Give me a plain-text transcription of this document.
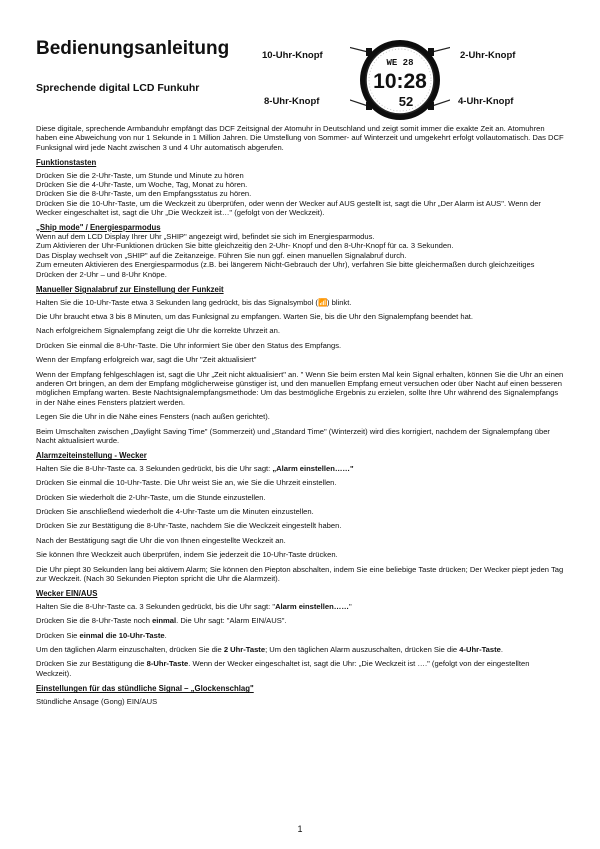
Bedienungsanleitung
Sprechende digital LCD Funkuhr
10-Uhr-Knopf	2-Uhr-Knopf
8-Uhr-Knopf	4-Uhr-Knopf
WE 28
10:28
52

Diese digitale, sprechende Armbanduhr empfängt das DCF Zeitsignal der Atomuhr in Deutschland und zeigt somit immer die exakte Zeit an. Atomuhren haben eine Abweichung von nur 1 Sekunde in 1 Million Jahren. Die Umstellung von Sommer- auf Winterzeit und umgekehrt erfolgt vollautomatisch. Das DCF Funksignal wird jede Nacht zwischen 3 und 4 Uhr automatisch abgerufen.

Funktionstasten

Drücken Sie die 2-Uhr-Taste, um Stunde und Minute zu hören

Drücken Sie die 4-Uhr-Taste, um Woche, Tag, Monat zu hören.

Drücken Sie die 8-Uhr-Taste, um den Empfangsstatus zu hören.

Drücken Sie die 10-Uhr-Taste, um die Weckzeit zu überprüfen, oder wenn der Wecker auf AUS gestellt ist, sagt die Uhr „Der Alarm ist AUS". Wenn der Wecker eingeschaltet ist, sagt die Uhr „Die Weckzeit ist…" (gefolgt von der Weckzeit).

„Ship mode" / Energiesparmodus

Wenn auf dem LCD Display Ihrer Uhr „SHIP" angezeigt wird, befindet sie sich im Energiesparmodus.

Zum Aktivieren der Uhr-Funktionen drücken Sie bitte gleichzeitig den 2-Uhr- Knopf und den 8-Uhr-Knopf für ca. 3 Sekunden.

Das Display wechselt von „SHIP" auf die Zeitanzeige. Führen Sie nun ggf. einen manuellen Signalabruf durch.

Zum erneuten Aktivieren des Energiesparmodus (z.B. bei längerem Nicht-Gebrauch der Uhr), verfahren Sie bitte gleichermaßen durch gleichzeitiges Drücken der 2-Uhr – und 8-Uhr Knöpe.

Manueller Signalabruf zur Einstellung der Funkzeit

Halten Sie die 10-Uhr-Taste etwa 3 Sekunden lang gedrückt, bis das Signalsymbol (📶) blinkt.

Die Uhr braucht etwa 3 bis 8 Minuten, um das Funksignal zu empfangen. Warten Sie, bis die Uhr den Signalempfang beendet hat.

Nach erfolgreichem Signalempfang zeigt die Uhr die korrekte Uhrzeit an.

Drücken Sie einmal die 8-Uhr-Taste. Die Uhr informiert Sie über den Status des Empfangs.

Wenn der Empfang erfolgreich war, sagt die Uhr "Zeit aktualisiert"

Wenn der Empfang fehlgeschlagen ist, sagt die Uhr „Zeit nicht aktualisiert" an. " Wenn Sie beim ersten Mal kein Signal erhalten, können Sie die Uhr an einen anderen Ort bringen, an dem der Empfang möglicherweise günstiger ist, und den manuellen Empfang erneut versuchen oder über Nacht auf einen besseren möglichen Empfang warten. Beste Nachtsignalempfangsmethode: Um das bestmögliche Ergebnis zu erzielen, sollte Ihre Uhr während des Signalempfangs in der Nähe eines Fensters platziert werden.

Legen Sie die Uhr in die Nähe eines Fensters (nach außen gerichtet).

Beim Umschalten zwischen „Daylight Saving Time" (Sommerzeit) und „Standard Time" (Winterzeit) wird dies korrigiert, nachdem der Signalempfang über Nacht aktualisiert wurde.

Alarmzeiteinstellung - Wecker

Halten Sie die 8-Uhr-Taste ca. 3 Sekunden gedrückt, bis die Uhr sagt: „Alarm einstellen……"

Drücken Sie einmal die 10-Uhr-Taste. Die Uhr weist Sie an, wie Sie die Uhrzeit einstellen.

Drücken Sie wiederholt die 2-Uhr-Taste, um die Stunde einzustellen.

Drücken Sie anschließend wiederholt die 4-Uhr-Taste um die Minuten einzustellen.

Drücken Sie zur Bestätigung die 8-Uhr-Taste, nachdem Sie die Weckzeit eingestellt haben.

Nach der Bestätigung sagt die Uhr die von Ihnen eingestellte Weckzeit an.

Sie können Ihre Weckzeit auch überprüfen, indem Sie jederzeit die 10-Uhr-Taste drücken.

Die Uhr piept 30 Sekunden lang bei aktivem Alarm; Sie können den Piepton abschalten, indem Sie eine beliebige Taste drücken; Der Wecker piept jeden Tag zur Weckzeit. (Nach 30 Sekunden Piepton spricht die Uhr die Alarmzeit).

Wecker EIN/AUS

Halten Sie die 8-Uhr-Taste ca. 3 Sekunden gedrückt, bis die Uhr sagt: "Alarm einstellen……"

Drücken Sie die 8-Uhr-Taste noch einmal. Die Uhr sagt: "Alarm EIN/AUS".

Drücken Sie einmal die 10-Uhr-Taste.

Um den täglichen Alarm einzuschalten, drücken Sie die 2 Uhr-Taste; Um den täglichen Alarm auszuschalten, drücken Sie die 4-Uhr-Taste.

Drücken Sie zur Bestätigung die 8-Uhr-Taste. Wenn der Wecker eingeschaltet ist, sagt die Uhr: „Die Weckzeit ist …." (gefolgt von der eingestellten Weckzeit).

Einstellungen für das stündliche Signal – „Glockenschlag"

Stündliche Ansage (Gong) EIN/AUS

1
